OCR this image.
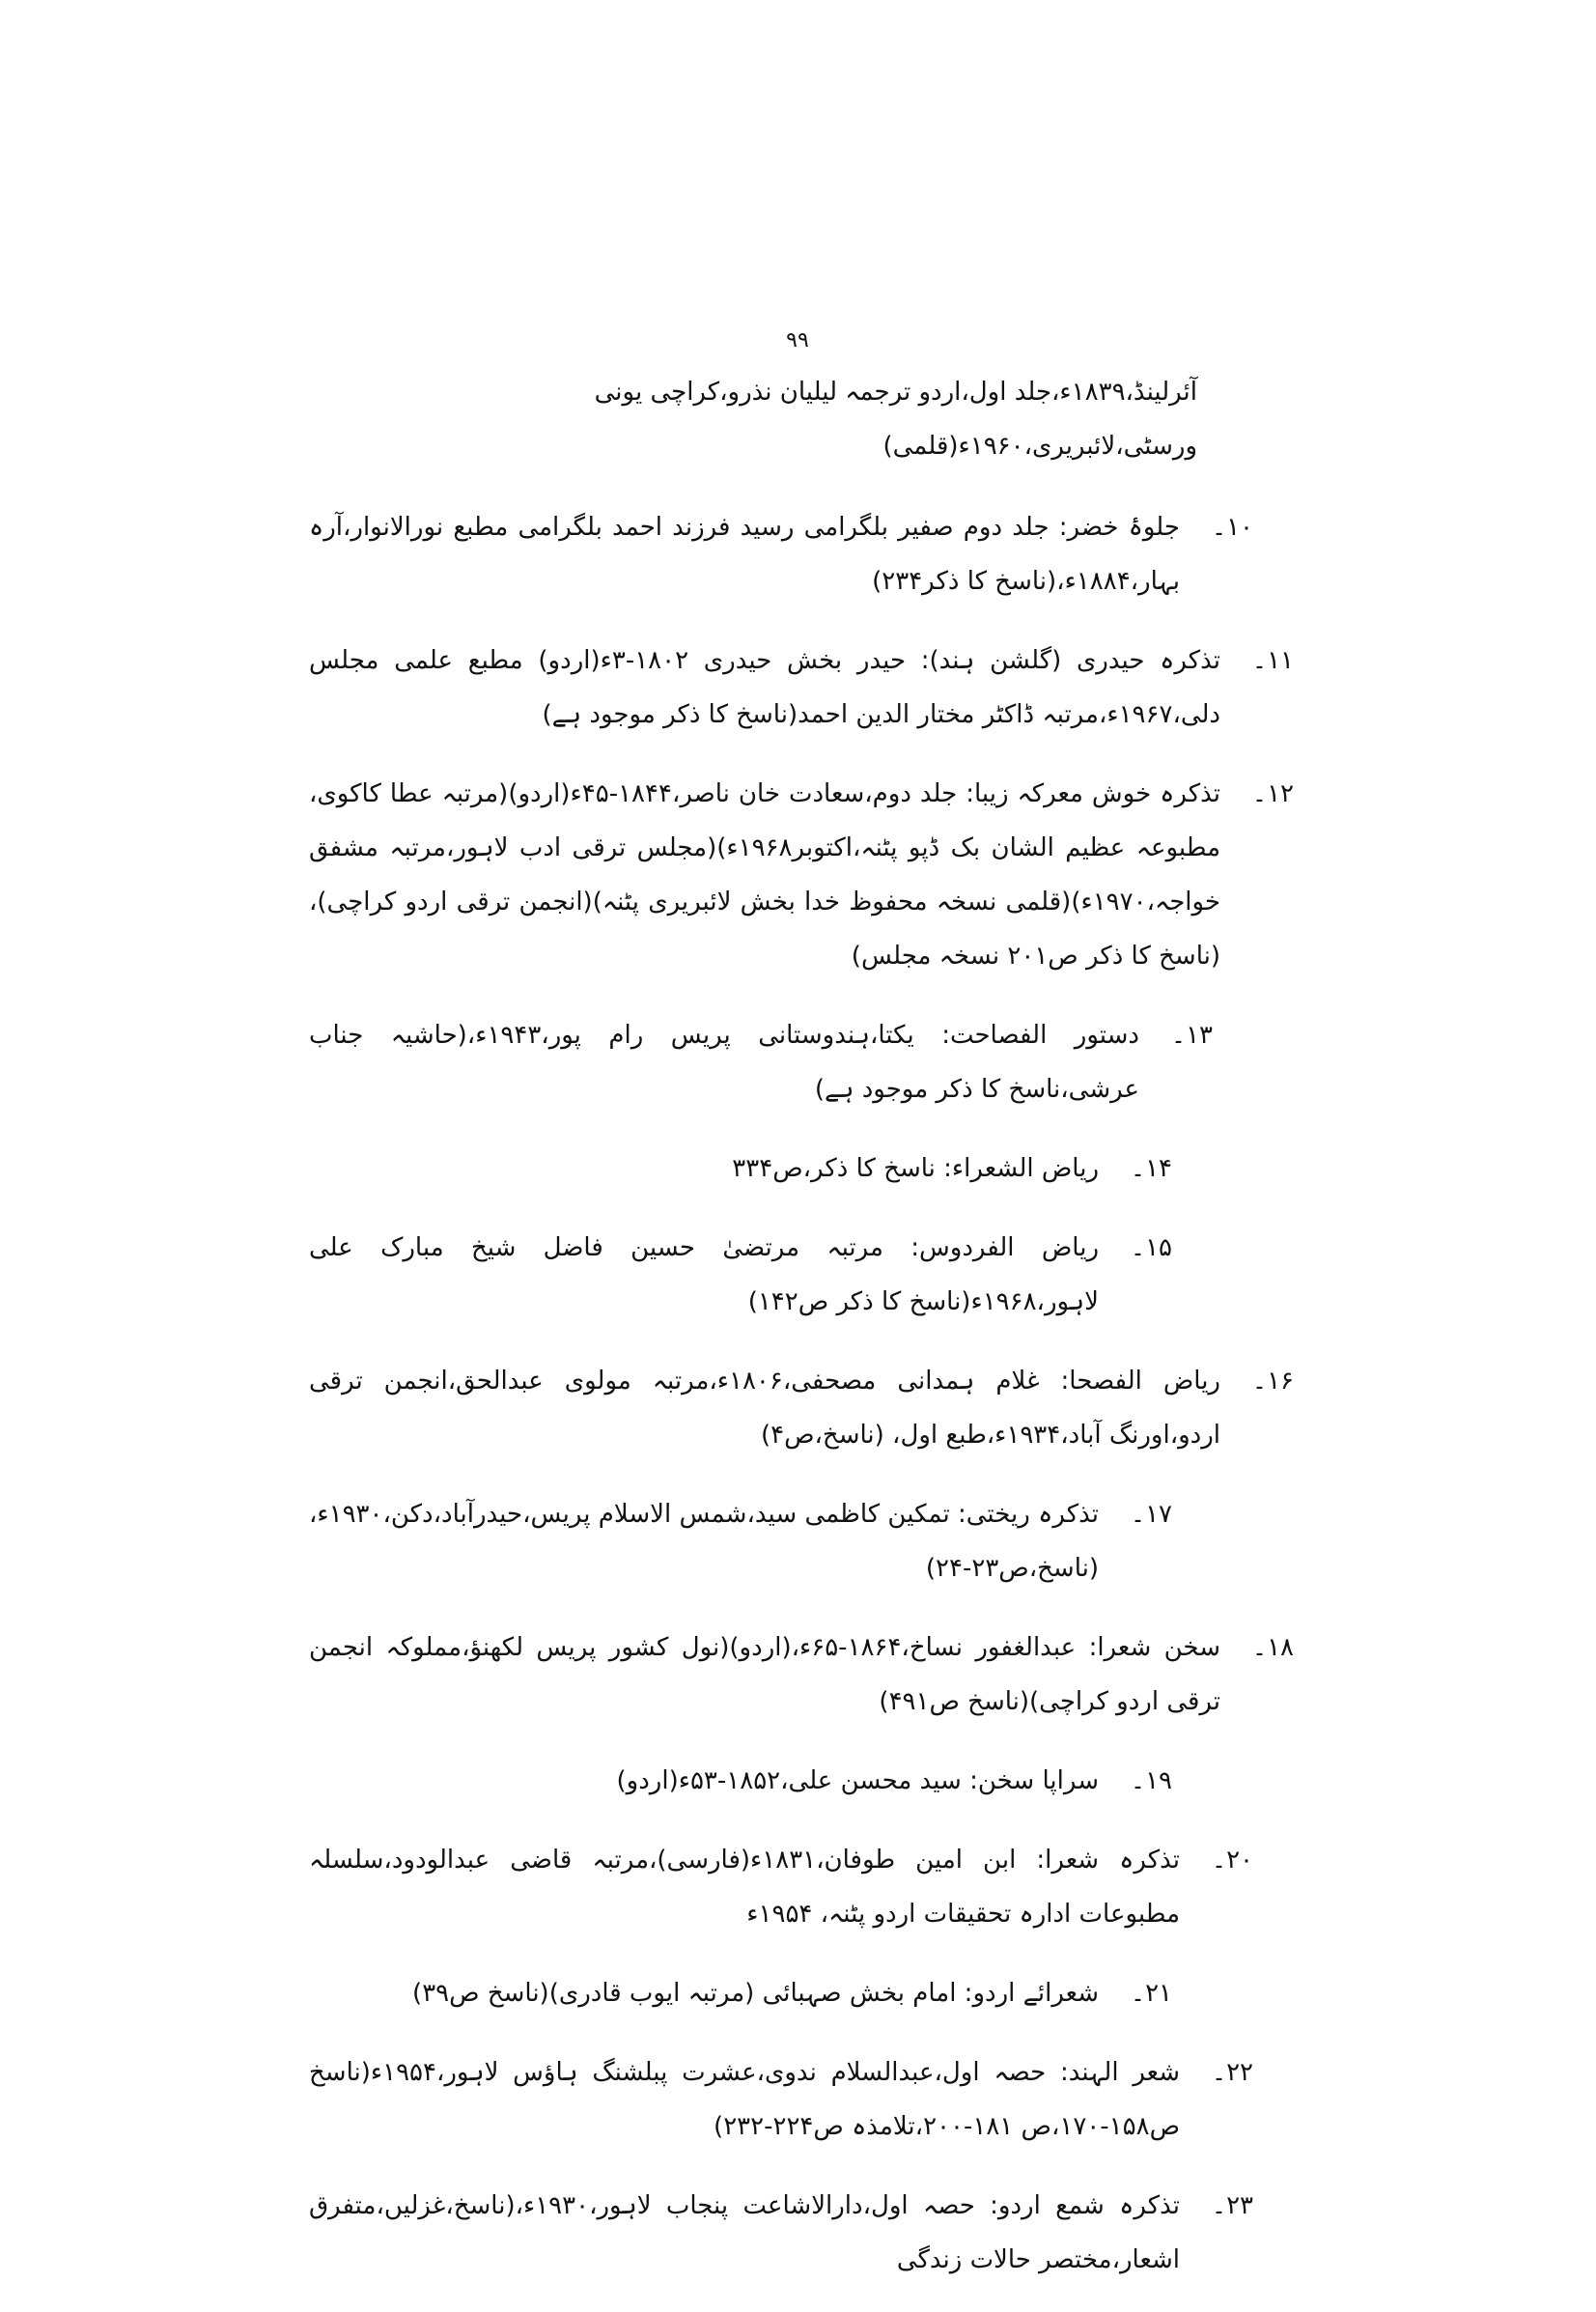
۹۹

آئرلینڈ،۱۸۳۹ء،جلد اول،اردو ترجمہ لیلیان نذرو،کراچی یونی ورسٹی،لائبریری،۱۹۶۰ء(قلمی)

۱۰۔
جلوۂ خضر: جلد دوم صفیر بلگرامی رسید فرزند احمد بلگرامی مطبع نورالانوار،آرہ بہار،۱۸۸۴ء،(ناسخ کا ذکر۲۳۴)
۱۱۔
تذکرہ حیدری (گلشن ہند): حیدر بخش حیدری ۱۸۰۲-۳ء(اردو) مطبع علمی مجلس دلی،۱۹۶۷ء،مرتبہ ڈاکٹر مختار الدین احمد(ناسخ کا ذکر موجود ہے)
۱۲۔
تذکرہ خوش معرکہ زیبا: جلد دوم،سعادت خان ناصر،۱۸۴۴-۴۵ء(اردو)(مرتبہ عطا کاکوی، مطبوعہ عظیم الشان بک ڈپو پٹنہ،اکتوبر۱۹۶۸ء)(مجلس ترقی ادب لاہور،مرتبہ مشفق خواجہ،۱۹۷۰ء)(قلمی نسخہ محفوظ خدا بخش لائبریری پٹنہ)(انجمن ترقی اردو کراچی)،(ناسخ کا ذکر ص۲۰۱ نسخہ مجلس)
۱۳۔
دستور الفصاحت: یکتا،ہندوستانی پریس رام پور،۱۹۴۳ء،(حاشیہ جناب عرشی،ناسخ کا ذکر موجود ہے)
۱۴۔
ریاض الشعراء: ناسخ کا ذکر،ص۳۳۴
۱۵۔
ریاض الفردوس: مرتبہ مرتضیٰ حسین فاضل شیخ مبارک علی لاہور،۱۹۶۸ء(ناسخ کا ذکر ص۱۴۲)
۱۶۔
ریاض الفصحا: غلام ہمدانی مصحفی،۱۸۰۶ء،مرتبہ مولوی عبدالحق،انجمن ترقی اردو،اورنگ آباد،۱۹۳۴ء،طبع اول، (ناسخ،ص۴)
۱۷۔
تذکرہ ریختی: تمکین کاظمی سید،شمس الاسلام پریس،حیدرآباد،دکن،۱۹۳۰ء،(ناسخ،ص۲۳-۲۴)
۱۸۔
سخن شعرا: عبدالغفور نساخ،۱۸۶۴-۶۵ء،(اردو)(نول کشور پریس لکھنؤ،مملوکہ انجمن ترقی اردو کراچی)(ناسخ ص۴۹۱)
۱۹۔
سراپا سخن: سید محسن علی،۱۸۵۲-۵۳ء(اردو)
۲۰۔
تذکرہ شعرا: ابن امین طوفان،۱۸۳۱ء(فارسی)،مرتبہ قاضی عبدالودود،سلسلہ مطبوعات ادارہ تحقیقات اردو پٹنہ، ۱۹۵۴ء
۲۱۔
شعرائے اردو: امام بخش صہبائی (مرتبہ ایوب قادری)(ناسخ ص۳۹)
۲۲۔
شعر الہند: حصہ اول،عبدالسلام ندوی،عشرت پبلشنگ ہاؤس لاہور،۱۹۵۴ء(ناسخ ص۱۵۸-۱۷۰،ص ۱۸۱-۲۰۰،تلامذہ ص۲۲۴-۲۳۲)
۲۳۔
تذکرہ شمع اردو: حصہ اول،دارالاشاعت پنجاب لاہور،۱۹۳۰ء،(ناسخ،غزلیں،متفرق اشعار،مختصر حالات زندگی
